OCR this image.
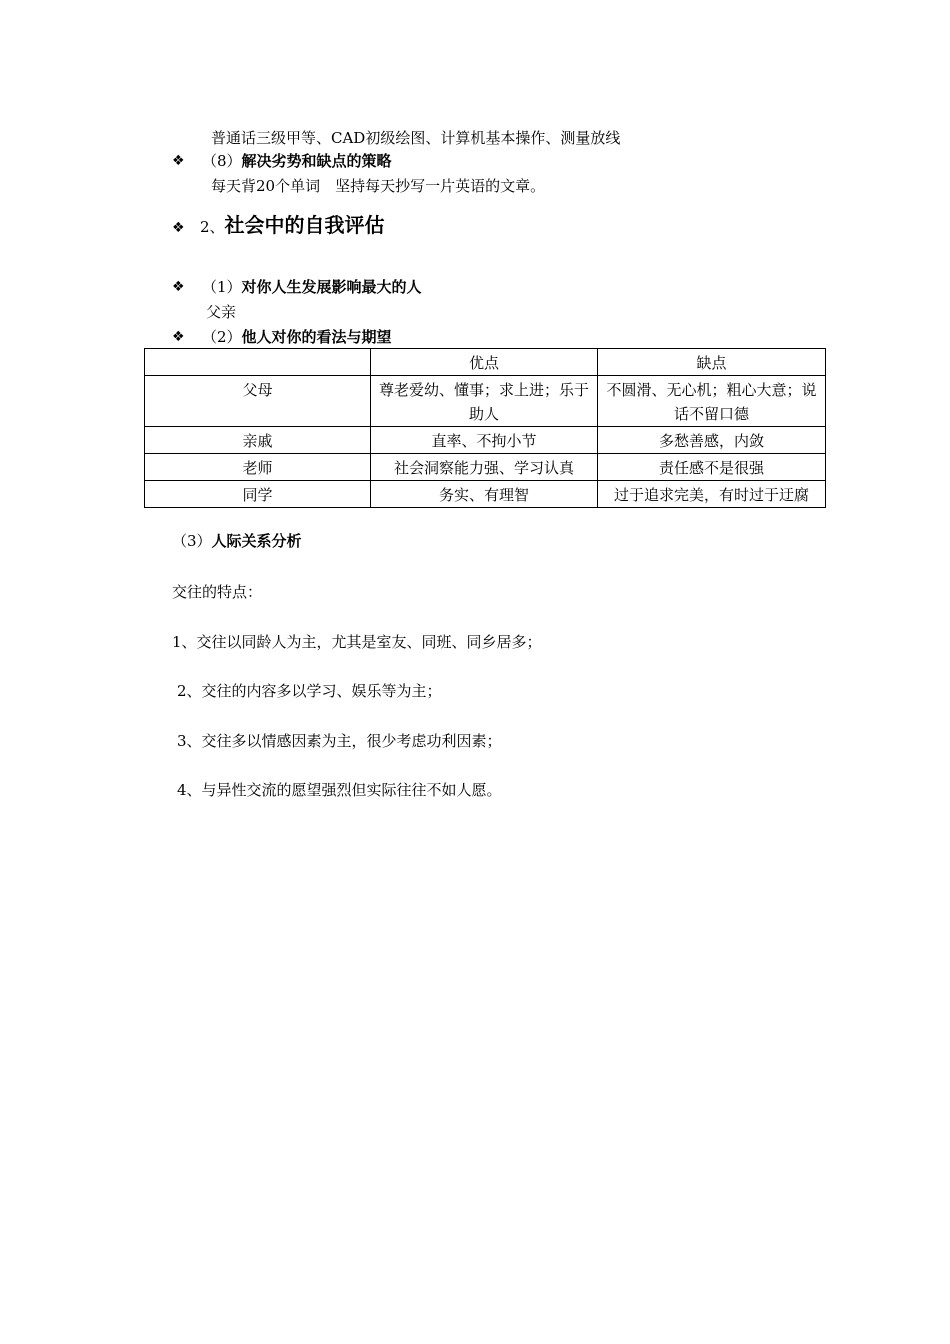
普通话三级甲等、CAD初级绘图、计算机基本操作、测量放线
❖ （8）解决劣势和缺点的策略
每天背20个单词　坚持每天抄写一片英语的文章。
❖ 2、社会中的自我评估
❖ （1）对你人生发展影响最大的人
父亲
❖ （2）他人对你的看法与期望
	优点	缺点
父母	尊老爱幼、懂事；求上进；乐于助人	不圆滑、无心机；粗心大意；说话不留口德
亲戚	直率、不拘小节	多愁善感，内敛
老师	社会洞察能力强、学习认真	责任感不是很强
同学	务实、有理智	过于追求完美，有时过于迂腐
（3）人际关系分析
交往的特点：
1、交往以同龄人为主，尤其是室友、同班、同乡居多；
2、交往的内容多以学习、娱乐等为主；
3、交往多以情感因素为主，很少考虑功利因素；
4、与异性交流的愿望强烈但实际往往不如人愿。
